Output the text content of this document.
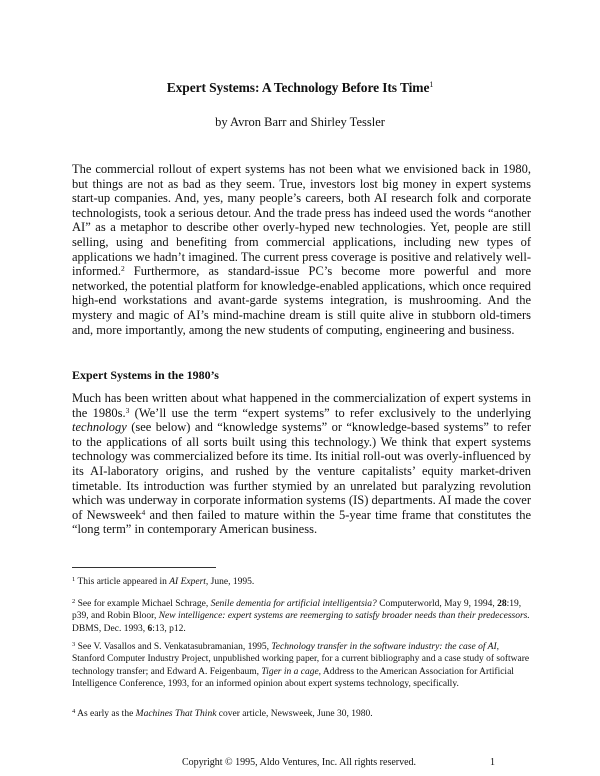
Expert Systems: A Technology Before Its Time$^1$
by Avron Barr and Shirley Tessler

The commercial rollout of expert systems has not been what we envisioned back in 1980, but things are not as bad as they seem. True, investors lost big money in expert systems start-up companies. And, yes, many people’s careers, both AI research folk and corporate technologists, took a serious detour. And the trade press has indeed used the words “another AI” as a metaphor to describe other overly-hyped new technologies. Yet, people are still selling, using and benefiting from commercial applications, including new types of applications we hadn’t imagined. The current press coverage is positive and relatively well-informed.$^2$ Furthermore, as standard-issue PC’s become more powerful and more networked, the potential platform for knowledge-enabled applications, which once required high-end workstations and avant-garde systems integration, is mushrooming. And the mystery and magic of AI’s mind-machine dream is still quite alive in stubborn old-timers and, more importantly, among the new students of computing, engineering and business.

Expert Systems in the 1980’s

Much has been written about what happened in the commercialization of expert systems in the 1980s.$^3$ (We’ll use the term “expert systems” to refer exclusively to the underlying technology (see below) and “knowledge systems” or “knowledge-based systems” to refer to the applications of all sorts built using this technology.) We think that expert systems technology was commercialized before its time. Its initial roll-out was overly-influenced by its AI-laboratory origins, and rushed by the venture capitalists’ equity market-driven timetable. Its introduction was further stymied by an unrelated but paralyzing revolution which was underway in corporate information systems (IS) departments. AI made the cover of Newsweek$^4$ and then failed to mature within the 5-year time frame that constitutes the “long term” in contemporary American business.

$^1$ This article appeared in AI Expert, June, 1995.

$^2$ See for example Michael Schrage, Senile dementia for artificial intelligentsia? Computerworld, May 9, 1994, 28:19, p39, and Robin Bloor, New intelligence: expert systems are reemerging to satisfy broader needs than their predecessors. DBMS, Dec. 1993, 6:13, p12.

$^3$ See V. Vasallos and S. Venkatasubramanian, 1995, Technology transfer in the software industry: the case of AI, Stanford Computer Industry Project, unpublished working paper, for a current bibliography and a case study of software technology transfer; and Edward A. Feigenbaum, Tiger in a cage, Address to the American Association for Artificial Intelligence Conference, 1993, for an informed opinion about expert systems technology, specifically.

$^4$ As early as the Machines That Think cover article, Newsweek, June 30, 1980.

Copyright © 1995, Aldo Ventures, Inc. All rights reserved.	1
